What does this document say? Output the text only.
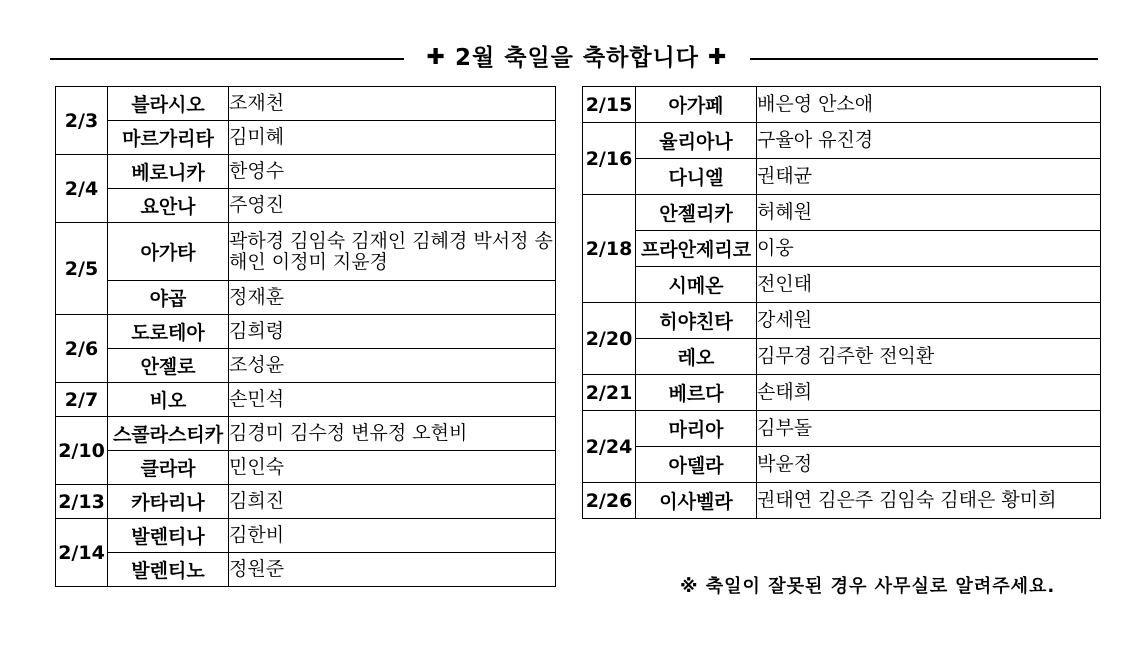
✚ 2월 축일을 축하합니다 ✚
2/3	블라시오	조재천
	마르가리타	김미혜
2/4	베로니카	한영수
	요안나	주영진
2/5	아가타	곽하경 김임숙 김재인 김혜경 박서정 송해인 이정미 지윤경
	야곱	정재훈
2/6	도로테아	김희령
	안젤로	조성윤
2/7	비오	손민석
2/10	스콜라스티카	김경미 김수정 변유정 오현비
	클라라	민인숙
2/13	카타리나	김희진
2/14	발렌티나	김한비
	발렌티노	정원준
2/15	아가페	배은영 안소애
2/16	율리아나	구율아 유진경
	다니엘	권태균
2/18	안젤리카	허혜원
	프라안제리코	이웅
	시메온	전인태
2/20	히야친타	강세원
	레오	김무경 김주한 전익환
2/21	베르다	손태희
2/24	마리아	김부돌
	아델라	박윤정
2/26	이사벨라	권태연 김은주 김임숙 김태은 황미희
※ 축일이 잘못된 경우 사무실로 알려주세요.
